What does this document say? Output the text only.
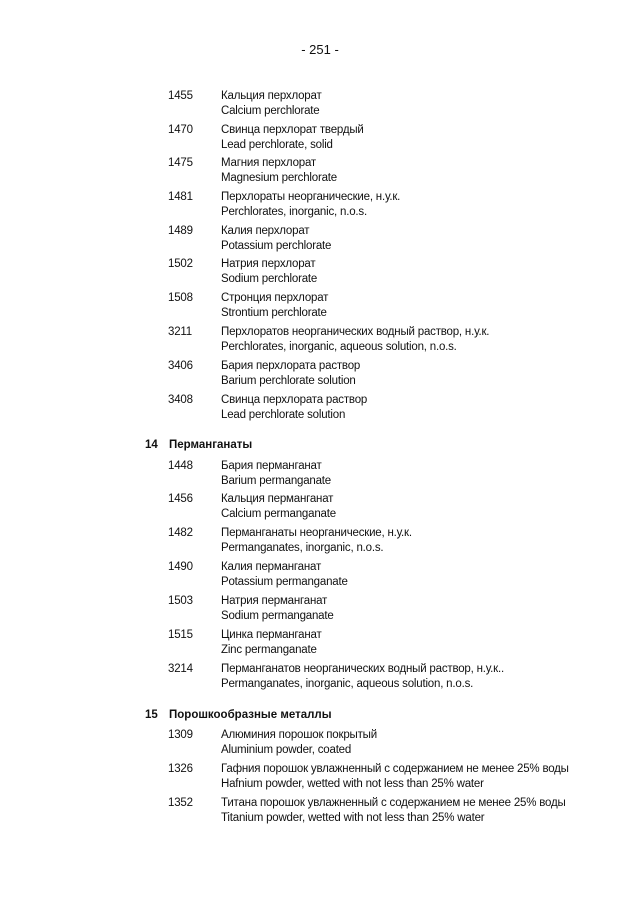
- 251 -
1455 Кальция перхлорат
Calcium perchlorate
1470 Свинца перхлорат твердый
Lead perchlorate, solid
1475 Магния перхлорат
Magnesium perchlorate
1481 Перхлораты неорганические, н.у.к.
Perchlorates, inorganic, n.o.s.
1489 Калия перхлорат
Potassium perchlorate
1502 Натрия перхлорат
Sodium perchlorate
1508 Стронция перхлорат
Strontium perchlorate
3211	Перхлоратов неорганических водный раствор, н.у.к.
Perchlorates, inorganic, aqueous solution, n.o.s.
3406 Бария перхлората раствор
Barium perchlorate solution
3408 Свинца перхлората раствор
Lead perchlorate solution
14 Перманганаты
1448 Бария перманганат
Barium permanganate
1456 Кальция перманганат
Calcium permanganate
1482 Перманганаты неорганические, н.у.к.
Permanganates, inorganic, n.o.s.
1490 Калия перманганат
Potassium permanganate
1503 Натрия перманганат
Sodium permanganate
1515 Цинка перманганат
Zinc permanganate
3214 Перманганатов неорганических водный раствор, н.у.к..
Permanganates, inorganic, aqueous solution, n.o.s.
15 Порошкообразные металлы
1309 Алюминия порошок покрытый
Aluminium powder, coated
1326 Гафния порошок увлажненный с содержанием не менее 25% воды
Hafnium powder, wetted with not less than 25% water
1352 Титана порошок увлажненный с содержанием не менее 25% воды
Titanium powder, wetted with not less than 25% water
